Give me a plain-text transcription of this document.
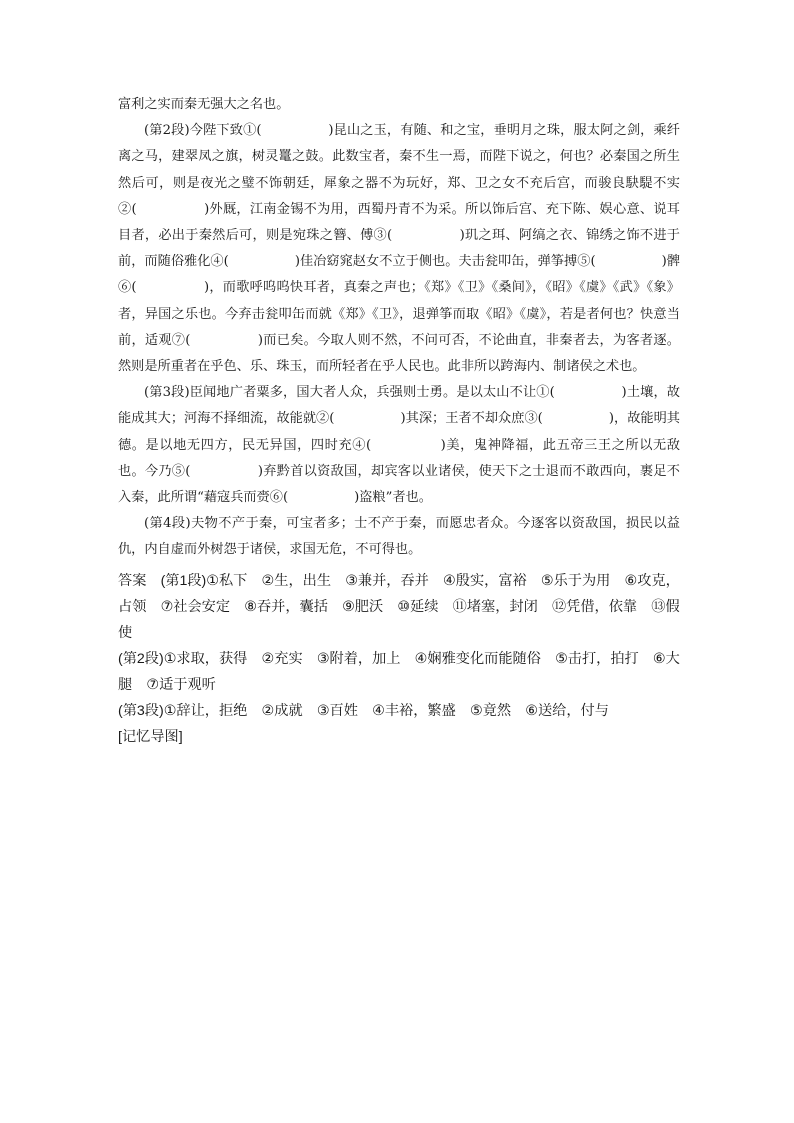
富利之实而秦无强大之名也。

(第2段)今陛下致①(　　　　　)昆山之玉，有随、和之宝，垂明月之珠，服太阿之剑，乘纤离之马，建翠凤之旗，树灵鼍之鼓。此数宝者，秦不生一焉，而陛下说之，何也？必秦国之所生然后可，则是夜光之璧不饰朝廷，犀象之器不为玩好，郑、卫之女不充后宫，而骏良駃騠不实②(　　　　　)外厩，江南金锡不为用，西蜀丹青不为采。所以饰后宫、充下陈、娱心意、说耳目者，必出于秦然后可，则是宛珠之簪、傅③(　　　　　)玑之珥、阿缟之衣、锦绣之饰不进于前，而随俗雅化④(　　　　　)佳冶窈窕赵女不立于侧也。夫击瓮叩缶，弹筝搏⑤(　　　　　)髀⑥(　　　　　)，而歌呼呜呜快耳者，真秦之声也；《郑》《卫》《桑间》，《昭》《虞》《武》《象》者，异国之乐也。今弃击瓮叩缶而就《郑》《卫》，退弹筝而取《昭》《虞》，若是者何也？快意当前，适观⑦(　　　　　)而已矣。今取人则不然，不问可否，不论曲直，非秦者去，为客者逐。然则是所重者在乎色、乐、珠玉，而所轻者在乎人民也。此非所以跨海内、制诸侯之术也。

(第3段)臣闻地广者粟多，国大者人众，兵强则士勇。是以太山不让①(　　　　　)土壤，故能成其大；河海不择细流，故能就②(　　　　　)其深；王者不却众庶③(　　　　　)，故能明其德。是以地无四方，民无异国，四时充④(　　　　　)美，鬼神降福，此五帝三王之所以无敌也。今乃⑤(　　　　　)弃黔首以资敌国，却宾客以业诸侯，使天下之士退而不敢西向，裹足不入秦，此所谓“藉寇兵而赍⑥(　　　　　)盗粮”者也。

(第4段)夫物不产于秦，可宝者多；士不产于秦，而愿忠者众。今逐客以资敌国，损民以益仇，内自虚而外树怨于诸侯，求国无危，不可得也。

答案　(第1段)①私下　②生，出生　③兼并，吞并　④殷实，富裕　⑤乐于为用　⑥攻克，占领　⑦社会安定　⑧吞并，囊括　⑨肥沃　⑩延续　⑪堵塞，封闭　⑫凭借，依靠　⑬假使

(第2段)①求取，获得　②充实　③附着，加上　④娴雅变化而能随俗　⑤击打，拍打　⑥大腿　⑦适于观听

(第3段)①辞让，拒绝　②成就　③百姓　④丰裕，繁盛　⑤竟然　⑥送给，付与

[记忆导图]
